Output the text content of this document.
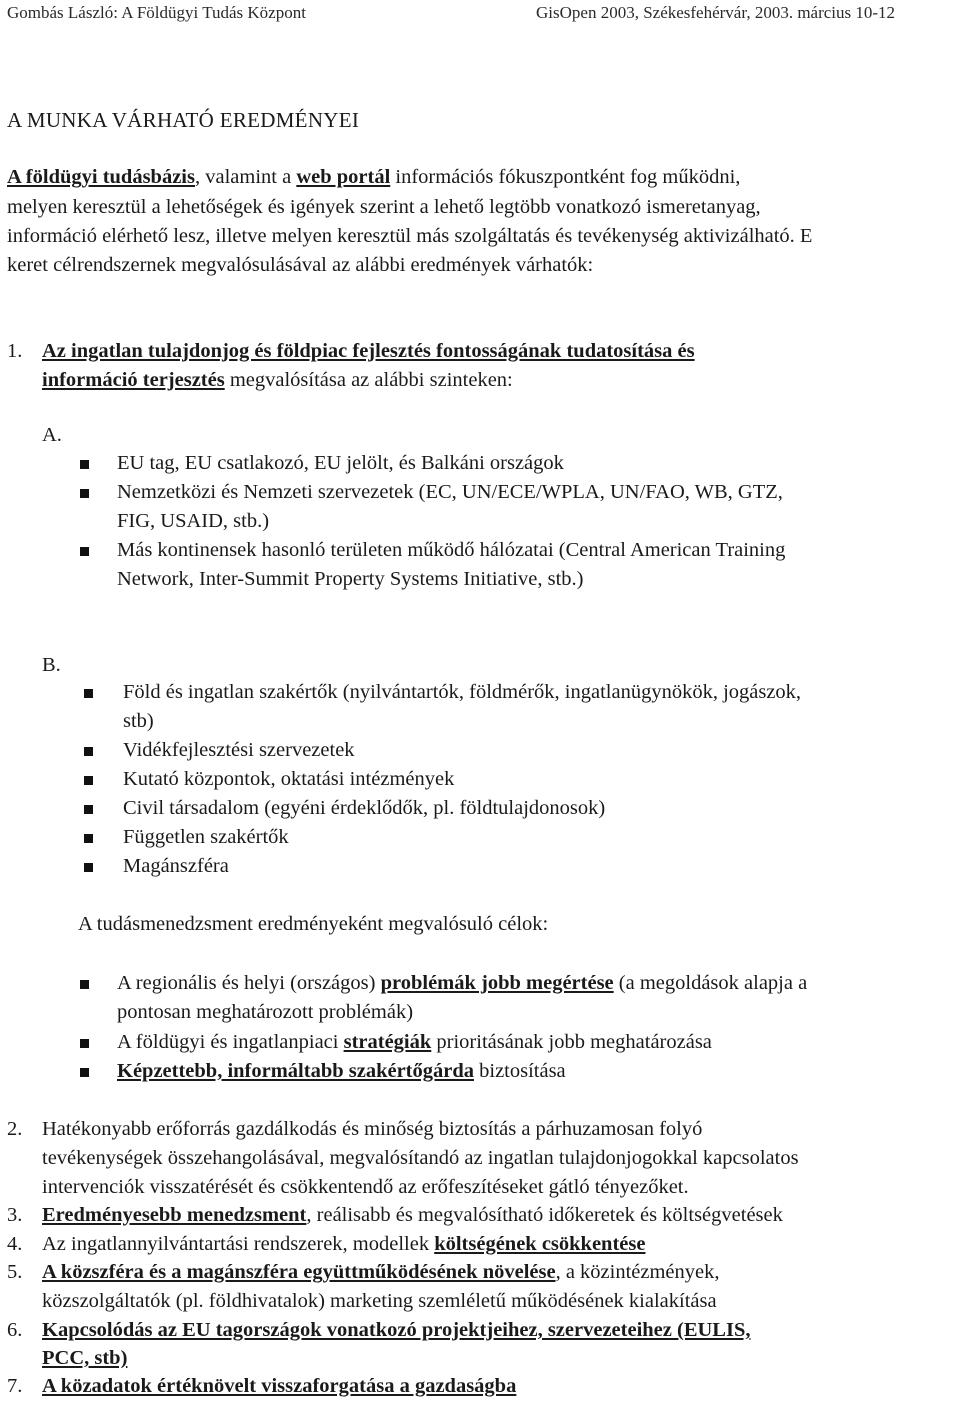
Gombás László: A Földügyi Tudás Központ	GisOpen 2003, Székesfehérvár, 2003. március 10-12
A MUNKA VÁRHATÓ EREDMÉNYEI
A földügyi tudásbázis, valamint a web portál információs fókuszpontként fog működni,
melyen keresztül a lehetőségek és igények szerint a lehető legtöbb vonatkozó ismeretanyag,
információ elérhető lesz, illetve melyen keresztül más szolgáltatás és tevékenység aktivizálható. E
keret célrendszernek megvalósulásával az alábbi eredmények várhatók:
1. Az ingatlan tulajdonjog és földpiac fejlesztés fontosságának tudatosítása és
információ terjesztés megvalósítása az alábbi szinteken:
A.
EU tag, EU csatlakozó, EU jelölt, és Balkáni országok
Nemzetközi és Nemzeti szervezetek (EC, UN/ECE/WPLA, UN/FAO, WB, GTZ,
FIG, USAID, stb.)
Más kontinensek hasonló területen működő hálózatai (Central American Training
Network, Inter-Summit Property Systems Initiative, stb.)
B.
Föld és ingatlan szakértők (nyilvántartók, földmérők, ingatlanügynökök, jogászok,
stb)
Vidékfejlesztési szervezetek
Kutató központok, oktatási intézmények
Civil társadalom (egyéni érdeklődők, pl. földtulajdonosok)
Független szakértők
Magánszféra
A tudásmenedzsment eredményeként megvalósuló célok:
A regionális és helyi (országos) problémák jobb megértése (a megoldások alapja a
pontosan meghatározott problémák)
A földügyi és ingatlanpiaci stratégiák prioritásának jobb meghatározása
Képzettebb, informáltabb szakértőgárda biztosítása
2. Hatékonyabb erőforrás gazdálkodás és minőség biztosítás a párhuzamosan folyó
tevékenységek összehangolásával, megvalósítandó az ingatlan tulajdonjogokkal kapcsolatos
intervenciók visszatérését és csökkentendő az erőfeszítéseket gátló tényezőket.
3. Eredményesebb menedzsment, reálisabb és megvalósítható időkeretek és költségvetések
4. Az ingatlannyilvántartási rendszerek, modellek költségének csökkentése
5. A közszféra és a magánszféra együttműködésének növelése, a közintézmények,
közszolgáltatók (pl. földhivatalok) marketing szemléletű működésének kialakítása
6. Kapcsolódás az EU tagországok vonatkozó projektjeihez, szervezeteihez (EULIS,
PCC, stb)
7. A közadatok értéknövelt visszaforgatása a gazdaságba
